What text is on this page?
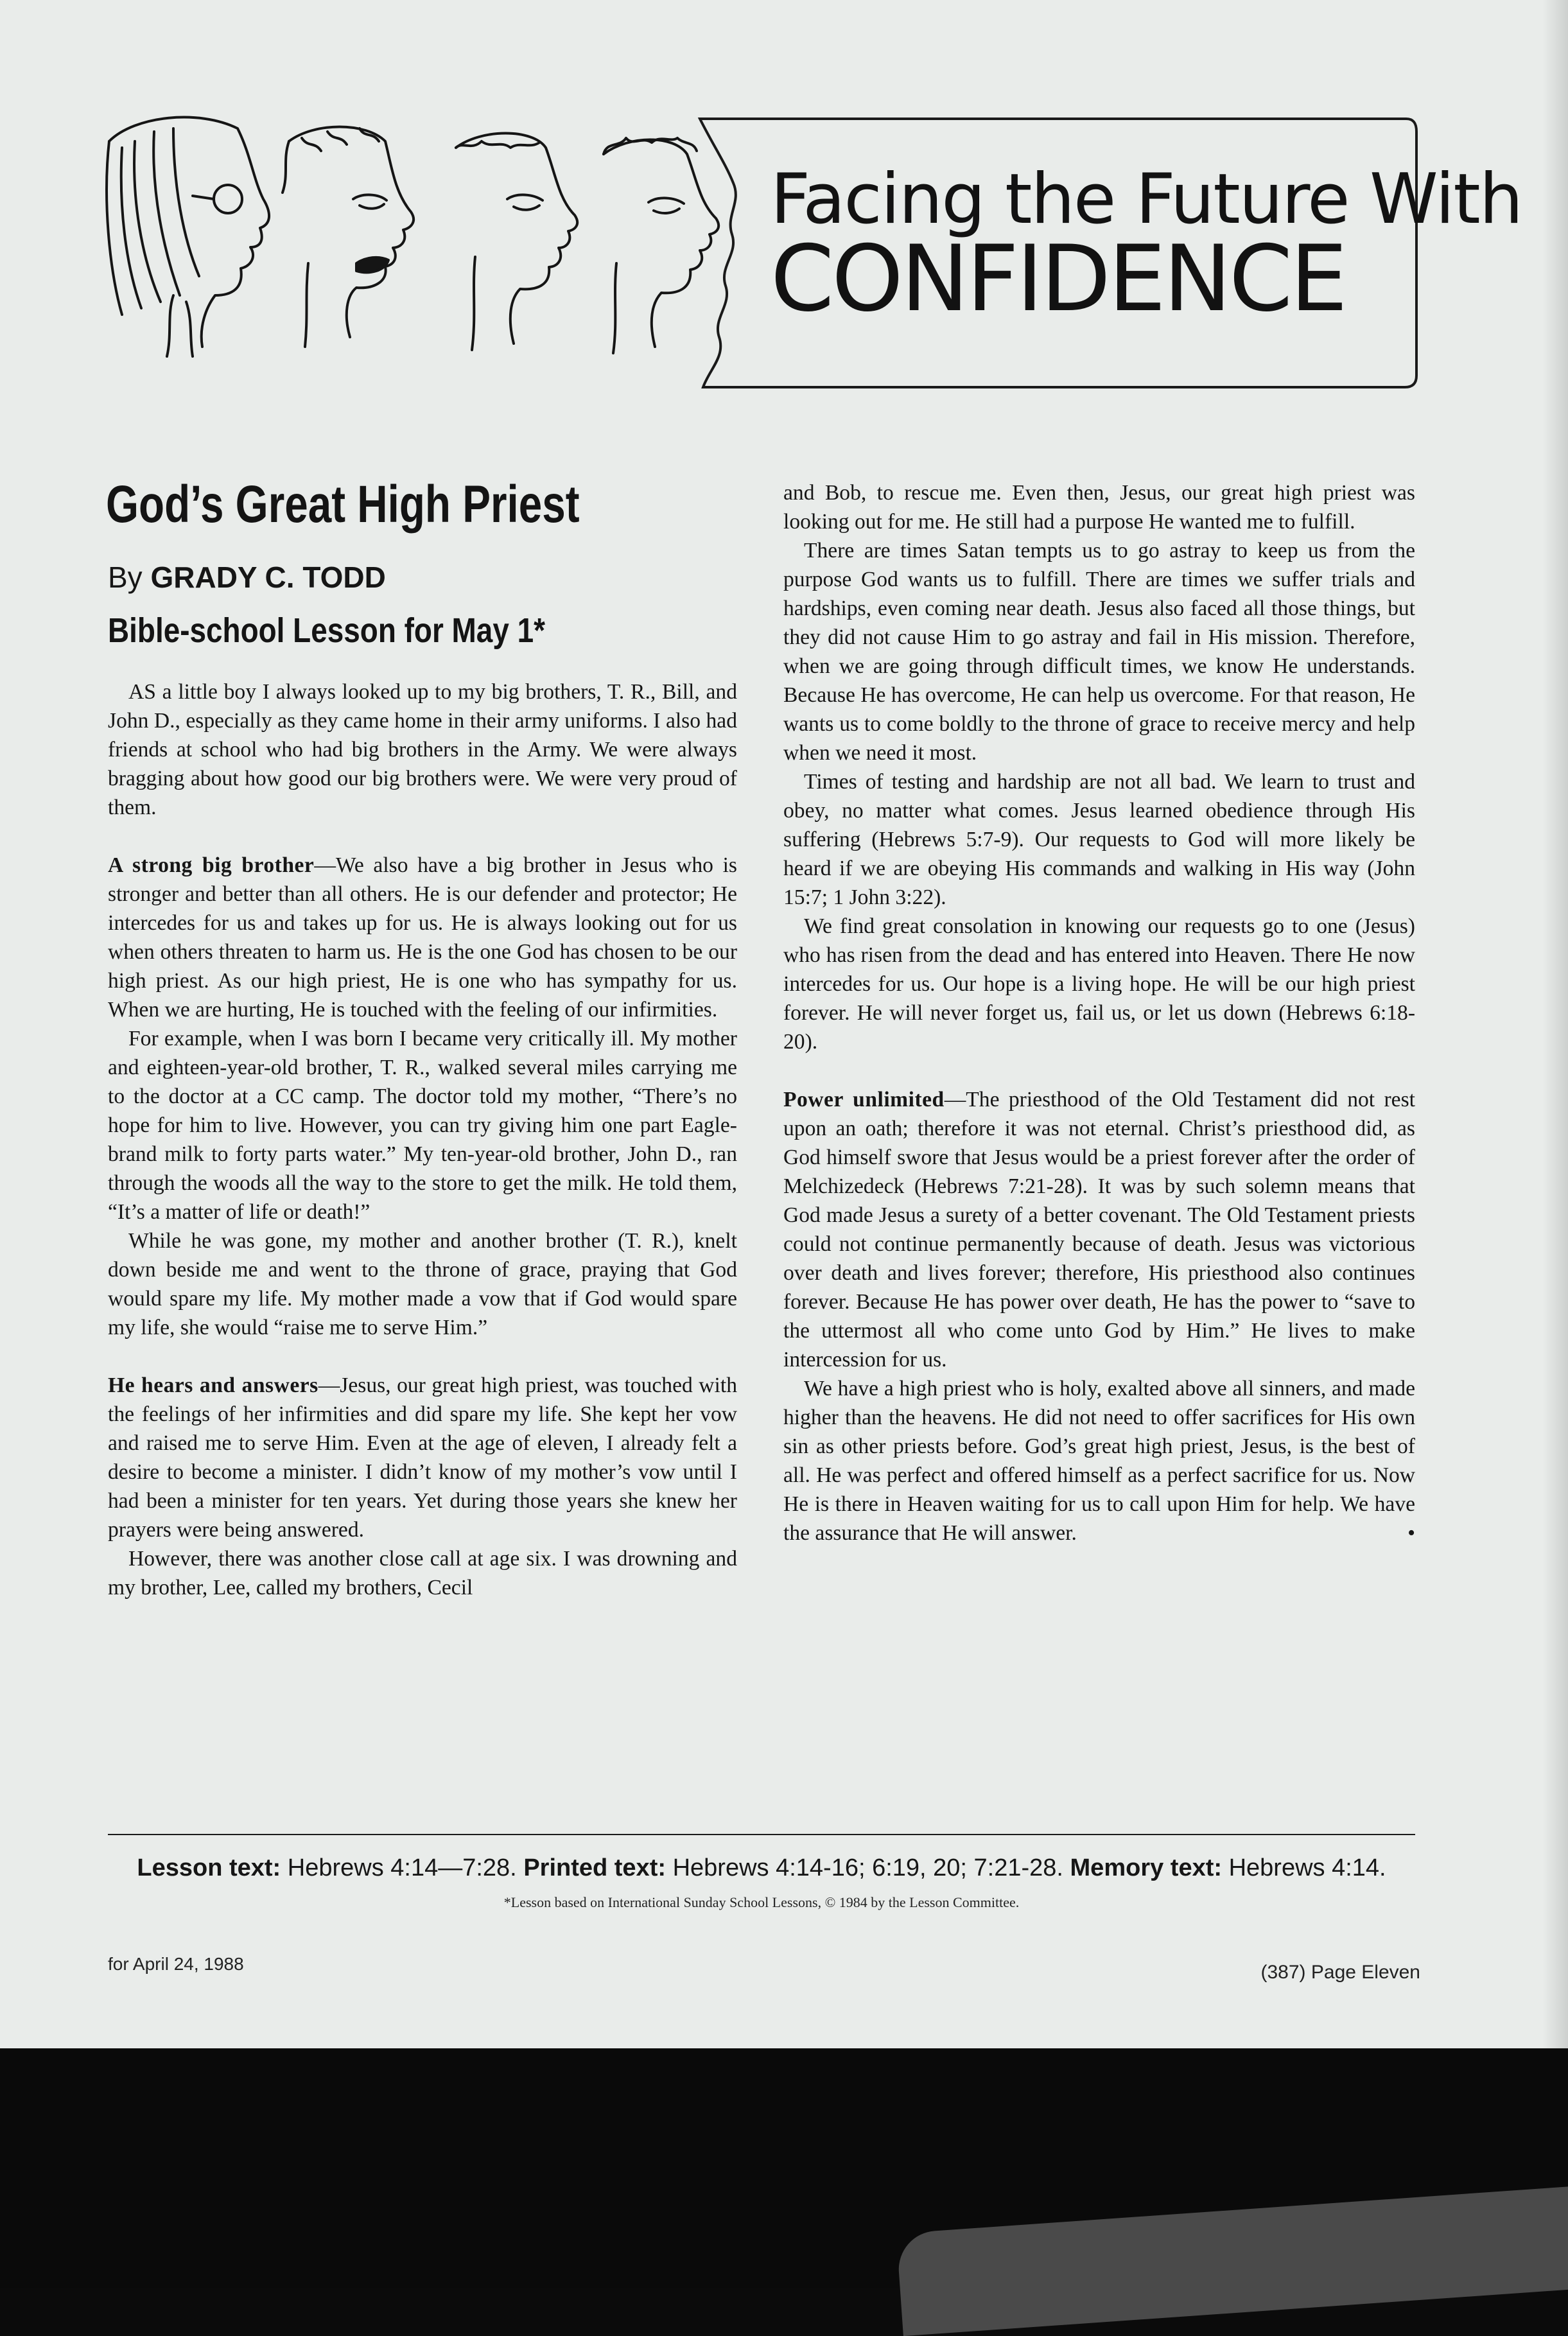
Facing the Future With
CONFIDENCE
God’s Great High Priest
By GRADY C. TODD
Bible-school Lesson for May 1*

AS a little boy I always looked up to my big brothers, T. R., Bill, and John D., especially as they came home in their army uniforms. I also had friends at school who had big brothers in the Army. We were always bragging about how good our big brothers were. We were very proud of them.

A strong big brother—We also have a big brother in Jesus who is stronger and better than all others. He is our defender and protector; He intercedes for us and takes up for us. He is always looking out for us when others threaten to harm us. He is the one God has chosen to be our high priest. As our high priest, He is one who has sympathy for us. When we are hurting, He is touched with the feeling of our infirmities.

For example, when I was born I became very critically ill. My mother and eighteen-year-old brother, T. R., walked several miles carrying me to the doctor at a CC camp. The doctor told my mother, “There’s no hope for him to live. However, you can try giving him one part Eagle-brand milk to forty parts water.” My ten-year-old brother, John D., ran through the woods all the way to the store to get the milk. He told them, “It’s a matter of life or death!”

While he was gone, my mother and another brother (T. R.), knelt down beside me and went to the throne of grace, praying that God would spare my life. My mother made a vow that if God would spare my life, she would “raise me to serve Him.”

He hears and answers—Jesus, our great high priest, was touched with the feelings of her infirmities and did spare my life. She kept her vow and raised me to serve Him. Even at the age of eleven, I already felt a desire to become a minister. I didn’t know of my mother’s vow until I had been a minister for ten years. Yet during those years she knew her prayers were being answered.

However, there was another close call at age six. I was drowning and my brother, Lee, called my brothers, Cecil

and Bob, to rescue me. Even then, Jesus, our great high priest was looking out for me. He still had a purpose He wanted me to fulfill.

There are times Satan tempts us to go astray to keep us from the purpose God wants us to fulfill. There are times we suffer trials and hardships, even coming near death. Jesus also faced all those things, but they did not cause Him to go astray and fail in His mission. Therefore, when we are going through difficult times, we know He understands. Because He has overcome, He can help us overcome. For that reason, He wants us to come boldly to the throne of grace to receive mercy and help when we need it most.

Times of testing and hardship are not all bad. We learn to trust and obey, no matter what comes. Jesus learned obedience through His suffering (Hebrews 5:7-9). Our requests to God will more likely be heard if we are obeying His commands and walking in His way (John 15:7; 1 John 3:22).

We find great consolation in knowing our requests go to one (Jesus) who has risen from the dead and has entered into Heaven. There He now intercedes for us. Our hope is a living hope. He will be our high priest forever. He will never forget us, fail us, or let us down (Hebrews 6:18-20).

Power unlimited—The priesthood of the Old Testament did not rest upon an oath; therefore it was not eternal. Christ’s priesthood did, as God himself swore that Jesus would be a priest forever after the order of Melchizedeck (Hebrews 7:21-28). It was by such solemn means that God made Jesus a surety of a better covenant. The Old Testament priests could not continue permanently because of death. Jesus was victorious over death and lives forever; therefore, His priesthood also continues forever. Because He has power over death, He has the power to “save to the uttermost all who come unto God by Him.” He lives to make intercession for us.

We have a high priest who is holy, exalted above all sinners, and made higher than the heavens. He did not need to offer sacrifices for His own sin as other priests before. God’s great high priest, Jesus, is the best of all. He was perfect and offered himself as a perfect sacrifice for us. Now He is there in Heaven waiting for us to call upon Him for help. We have the assurance that He will answer.	•

Lesson text: Hebrews 4:14—7:28. Printed text: Hebrews 4:14-16; 6:19, 20; 7:21-28. Memory text: Hebrews 4:14.
*Lesson based on International Sunday School Lessons, © 1984 by the Lesson Committee.
for April 24, 1988	(387) Page Eleven
